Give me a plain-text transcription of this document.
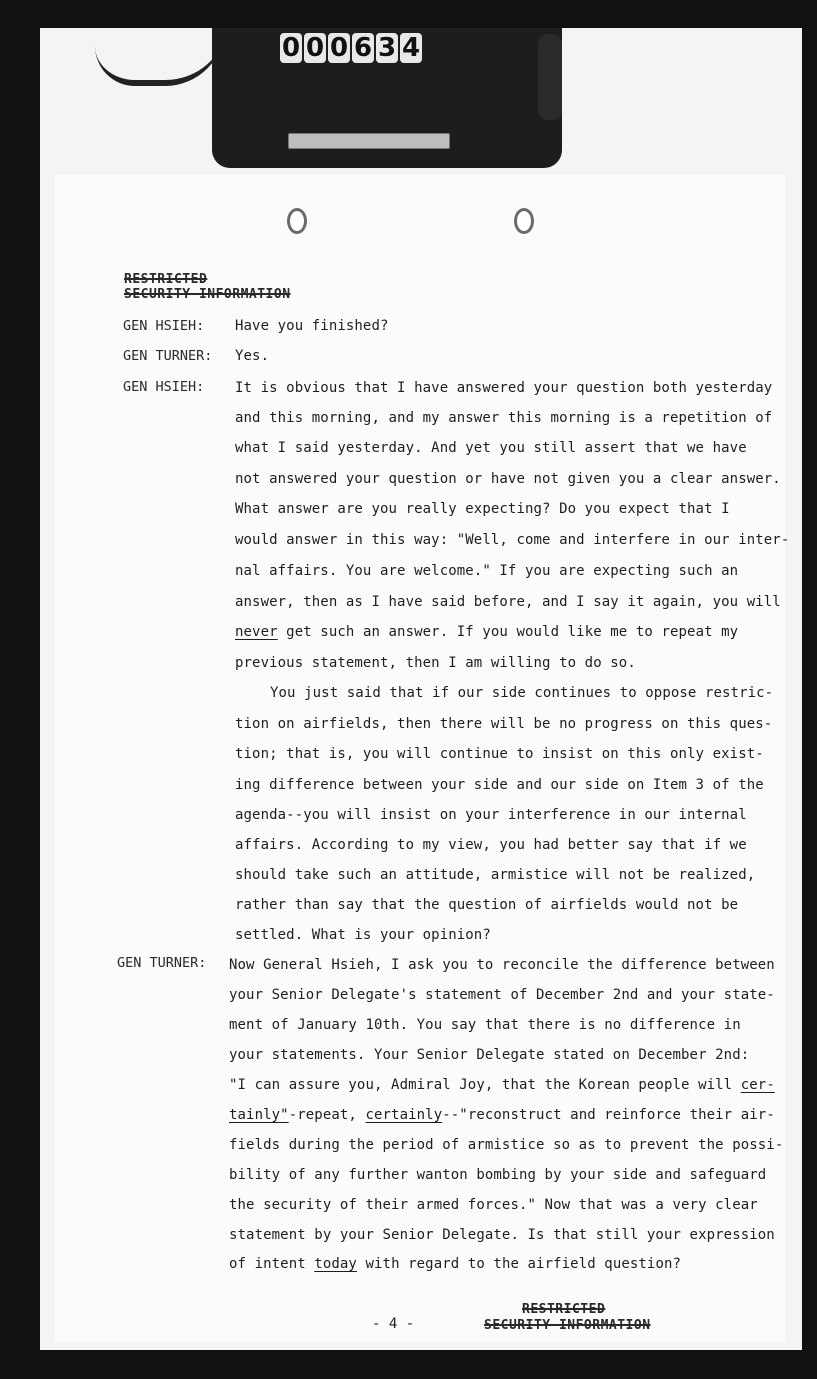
0 0 0 6 3 4
RESTRICTED
SECURITY INFORMATION
GEN HSIEH: Have you finished?
GEN TURNER: Yes.
GEN HSIEH: It is obvious that I have answered your question both yesterday
and this morning, and my answer this morning is a repetition of
what I said yesterday. And yet you still assert that we have
not answered your question or have not given you a clear answer.
What answer are you really expecting? Do you expect that I
would answer in this way: "Well, come and interfere in our inter-
nal affairs. You are welcome." If you are expecting such an
answer, then as I have said before, and I say it again, you will
never get such an answer. If you would like me to repeat my
previous statement, then I am willing to do so.
You just said that if our side continues to oppose restric-
tion on airfields, then there will be no progress on this ques-
tion; that is, you will continue to insist on this only exist-
ing difference between your side and our side on Item 3 of the
agenda--you will insist on your interference in our internal
affairs. According to my view, you had better say that if we
should take such an attitude, armistice will not be realized,
rather than say that the question of airfields would not be
settled. What is your opinion?
GEN TURNER: Now General Hsieh, I ask you to reconcile the difference between
your Senior Delegate's statement of December 2nd and your state-
ment of January 10th. You say that there is no difference in
your statements. Your Senior Delegate stated on December 2nd:
"I can assure you, Admiral Joy, that the Korean people will cer-
tainly"-repeat, certainly--"reconstruct and reinforce their air-
fields during the period of armistice so as to prevent the possi-
bility of any further wanton bombing by your side and safeguard
the security of their armed forces." Now that was a very clear
statement by your Senior Delegate. Is that still your expression
of intent today with regard to the airfield question?
- 4 -
RESTRICTED
SECURITY INFORMATION
